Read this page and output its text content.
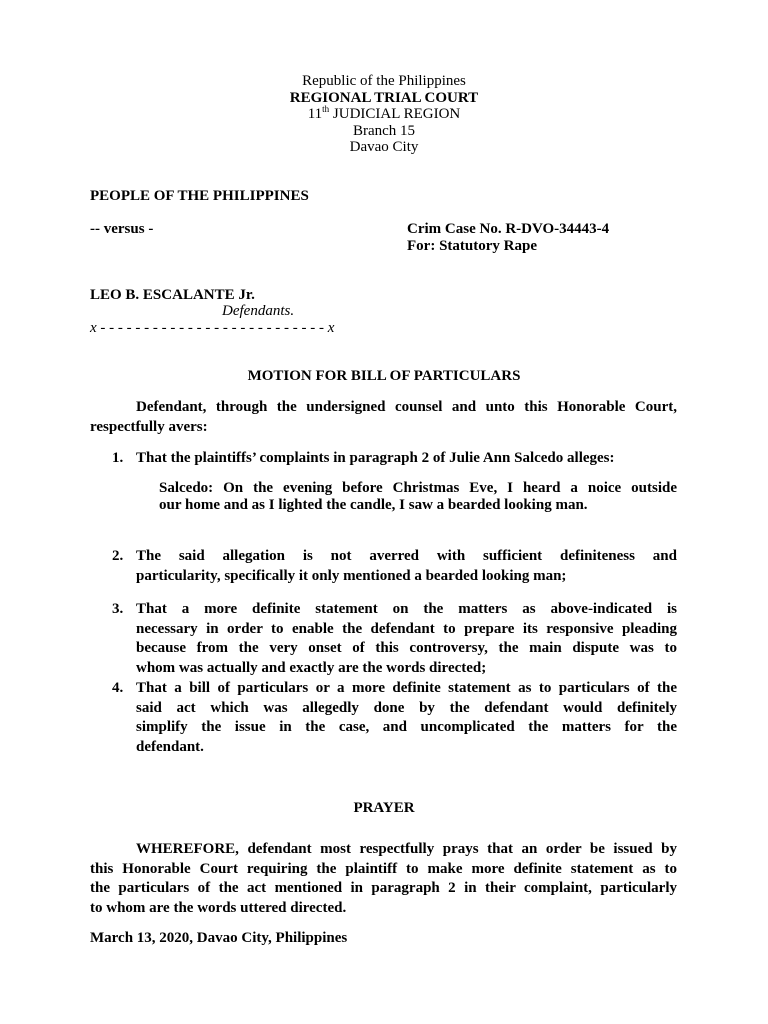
Republic of the Philippines
REGIONAL TRIAL COURT
11th JUDICIAL REGION
Branch 15
Davao City
PEOPLE OF THE PHILIPPINES
-- versus -	Crim Case No. R-DVO-34443-4
For: Statutory Rape
LEO B. ESCALANTE Jr.
Defendants.
x - - - - - - - - - - - - - - - - - - - - - - - - - - x
MOTION FOR BILL OF PARTICULARS
Defendant, through the undersigned counsel and unto this Honorable Court,
respectfully avers:
1. That the plaintiffs’ complaints in paragraph 2 of Julie Ann Salcedo alleges:
Salcedo: On the evening before Christmas Eve, I heard a noice outside
our home and as I lighted the candle, I saw a bearded looking man.
2. The said allegation is not averred with sufficient definiteness and
particularity, specifically it only mentioned a bearded looking man;
3. That a more definite statement on the matters as above-indicated is
necessary in order to enable the defendant to prepare its responsive pleading
because from the very onset of this controversy, the main dispute was to
whom was actually and exactly are the words directed;
4. That a bill of particulars or a more definite statement as to particulars of the
said act which was allegedly done by the defendant would definitely
simplify the issue in the case, and uncomplicated the matters for the
defendant.
PRAYER
WHEREFORE, defendant most respectfully prays that an order be issued by
this Honorable Court requiring the plaintiff to make more definite statement as to
the particulars of the act mentioned in paragraph 2 in their complaint, particularly
to whom are the words uttered directed.
March 13, 2020, Davao City, Philippines
